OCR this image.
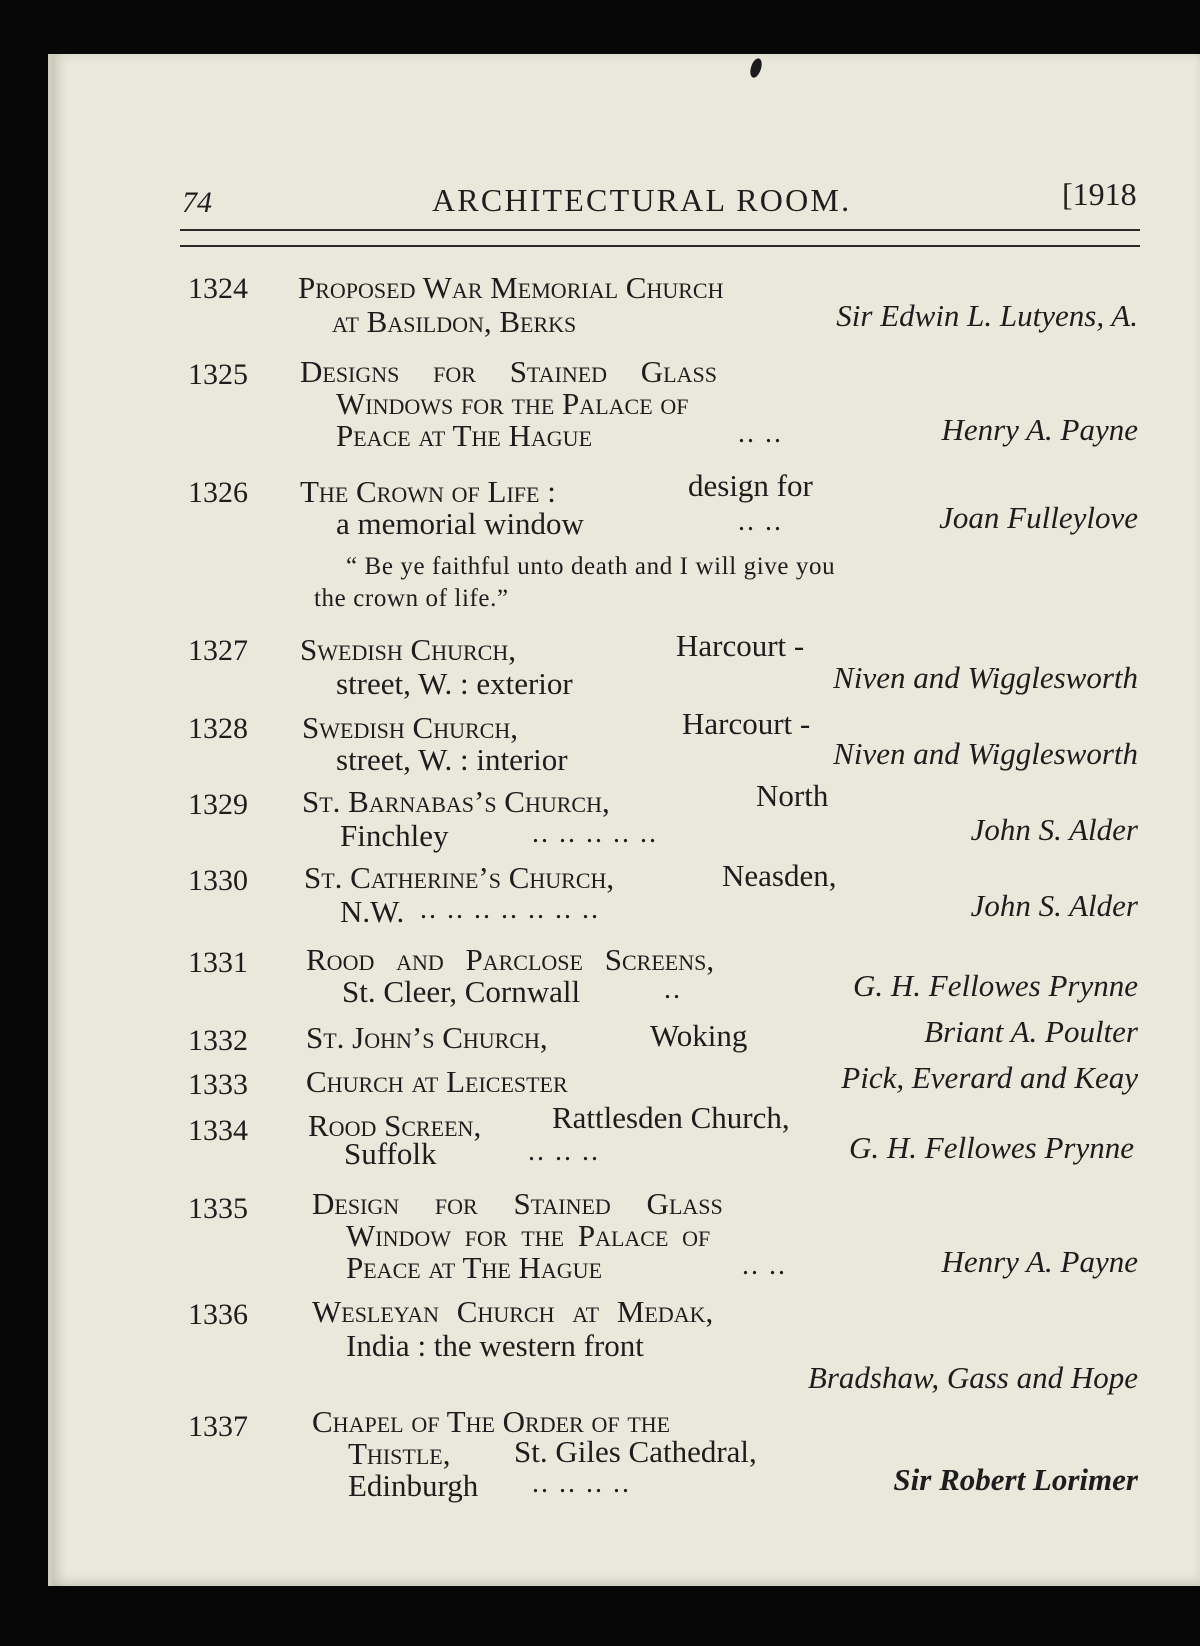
74	ARCHITECTURAL ROOM.	[1918
1324 Proposed War Memorial Church
at Basildon, Berks	Sir Edwin L. Lutyens, A.
1325 Designs for Stained Glass
Windows for the Palace of
Peace at The Hague	.. ..	Henry A. Payne
1326 The Crown of Life :	design for
a memorial window	.. ..	Joan Fulleylove
“ Be ye faithful unto death and I will give you
the crown of life.”
1327 Swedish Church,	Harcourt -
street, W. : exterior	Niven and Wigglesworth
1328 Swedish Church,	Harcourt -
street, W. : interior	Niven and Wigglesworth
1329 St. Barnabas’s Church,	North
Finchley	.. .. .. .. ..	John S. Alder
1330 St. Catherine’s Church,	Neasden,
N.W. .. .. .. .. .. .. ..	John S. Alder
1331 Rood and Parclose Screens,
St. Cleer, Cornwall	..	G. H. Fellowes Prynne
1332 St. John’s Church,	Woking	Briant A. Poulter
1333 Church at Leicester	Pick, Everard and Keay
1334 Rood Screen, Rattlesden Church,
Suffolk	.. .. ..	G. H. Fellowes Prynne
1335 Design for Stained Glass
Window for the Palace of
Peace at The Hague	.. ..	Henry A. Payne
1336 Wesleyan Church at Medak,
India : the western front
Bradshaw, Gass and Hope
1337 Chapel of The Order of the
Thistle, St. Giles Cathedral,
Edinburgh .. .. .. ..	Sir Robert Lorimer
